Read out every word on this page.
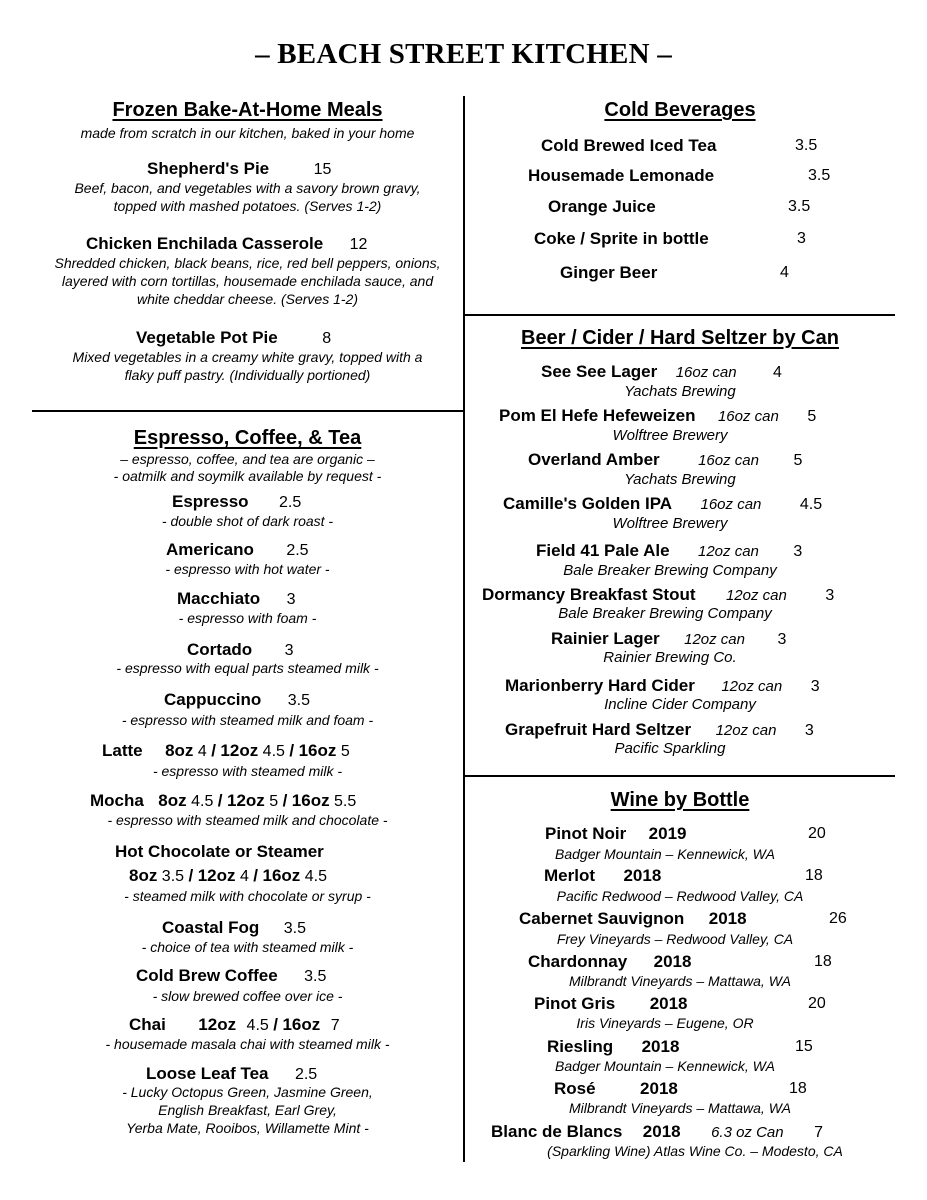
– BEACH STREET KITCHEN –
Frozen Bake-At-Home Meals
made from scratch in our kitchen, baked in your home
Shepherd's Pie	15
Beef, bacon, and vegetables with a savory brown gravy,
topped with mashed potatoes. (Serves 1-2)
Chicken Enchilada Casserole 12
Shredded chicken, black beans, rice, red bell peppers, onions,
layered with corn tortillas, housemade enchilada sauce, and
white cheddar cheese. (Serves 1-2)
Vegetable Pot Pie	8
Mixed vegetables in a creamy white gravy, topped with a
flaky puff pastry. (Individually portioned)
Espresso, Coffee, & Tea
– espresso, coffee, and tea are organic –
- oatmilk and soymilk available by request -
Espresso 2.5
- double shot of dark roast -
Americano 2.5
- espresso with hot water -
Macchiato 3
- espresso with foam -
Cortado 3
- espresso with equal parts steamed milk -
Cappuccino 3.5
- espresso with steamed milk and foam -
Latte 8oz 4 / 12oz 4.5 / 16oz 5
- espresso with steamed milk -
Mocha 8oz 4.5 / 12oz 5 / 16oz 5.5
- espresso with steamed milk and chocolate -
Hot Chocolate or Steamer
8oz 3.5 / 12oz 4 / 16oz 4.5
- steamed milk with chocolate or syrup -
Coastal Fog 3.5
- choice of tea with steamed milk -
Cold Brew Coffee 3.5
- slow brewed coffee over ice -
Chai 12oz 4.5 / 16oz 7
- housemade masala chai with steamed milk -
Loose Leaf Tea 2.5
- Lucky Octopus Green, Jasmine Green,
English Breakfast, Earl Grey,
Yerba Mate, Rooibos, Willamette Mint -
Cold Beverages
Cold Brewed Iced Tea	3.5
Housemade Lemonade	3.5
Orange Juice	3.5
Coke / Sprite in bottle	3
Ginger Beer	4
Beer / Cider / Hard Seltzer by Can
See See Lager 16oz can 4
Yachats Brewing
Pom El Hefe Hefeweizen 16oz can 5
Wolftree Brewery
Overland Amber	16oz can 5
Yachats Brewing
Camille's Golden IPA 16oz can 4.5
Wolftree Brewery
Field 41 Pale Ale 12oz can 3
Bale Breaker Brewing Company
Dormancy Breakfast Stout 12oz can 3
Bale Breaker Brewing Company
Rainier Lager 12oz can 3
Rainier Brewing Co.
Marionberry Hard Cider 12oz can 3
Incline Cider Company
Grapefruit Hard Seltzer 12oz can 3
Pacific Sparkling
Wine by Bottle
Pinot Noir 2019	20
Badger Mountain – Kennewick, WA
Merlot 2018	18
Pacific Redwood – Redwood Valley, CA
Cabernet Sauvignon 2018	26
Frey Vineyards – Redwood Valley, CA
Chardonnay 2018	18
Milbrandt Vineyards – Mattawa, WA
Pinot Gris 2018	20
Iris Vineyards – Eugene, OR
Riesling 2018	15
Badger Mountain – Kennewick, WA
Rosé	2018	18
Milbrandt Vineyards – Mattawa, WA
Blanc de Blancs 2018 6.3 oz Can 7
(Sparkling Wine) Atlas Wine Co. – Modesto, CA
